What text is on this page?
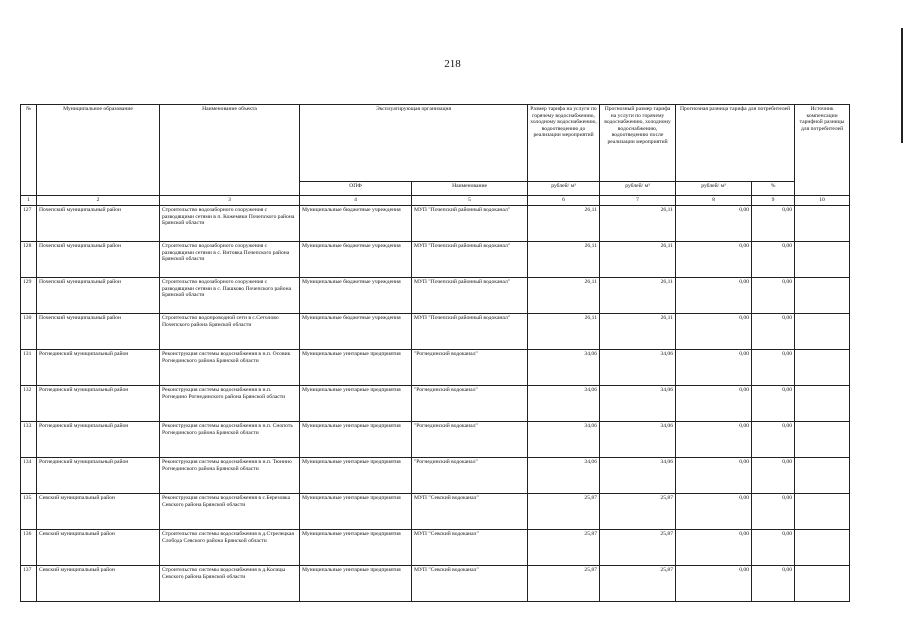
218
№	Муниципальное образование	Наименование объекта	Эксплуатирующая организация		Размер тарифа на услуги по горячему водоснабжению, холодному водоснабжению, водоотведению до реализации мероприятий	Прогнозный размер тарифа на услуги по горячему водоснабжению, холодному водоснабжению, водоотведению после реализации мероприятий	Прогнозная разница тарифа для потребителей		Источник компенсации тарифной разницы для потребителей
			ОПФ	Наименование	рублей/ м³	рублей/ м³	рублей/ м³	%	
1	2	3	4	5	6	7	8	9	10
127	Почепский муниципальный район	Строительство водозаборного сооружения с разводящими сетями в п. Кожемяки Почепского района Брянской области	Муниципальные бюджетные учреждения	МУП "Почепский районный водоканал"	26,11	26,11	0,00	0,00	
128	Почепский муниципальный район	Строительство водозаборного сооружения с разводящими сетями в с. Витовка Почепского района Брянской области	Муниципальные бюджетные учреждения	МУП "Почепский районный водоканал"	26,11	26,11	0,00	0,00	
129	Почепский муниципальный район	Строительство водозаборного сооружения с разводящими сетями в с. Пашково Почепского района Брянской области	Муниципальные бюджетные учреждения	МУП "Почепский районный водоканал"	26,11	26,11	0,00	0,00	
130	Почепский муниципальный район	Строительство водопроводной сети в с.Сетолово Почепского района Брянской области	Муниципальные бюджетные учреждения	МУП "Почепский районный водоканал"	26,11	26,11	0,00	0,00	
131	Рогнединский муниципальный район	Реконструкция системы водоснабжения в н.п. Осовик Рогнединского района Брянской области	Муниципальные унитарные предприятия	"Рогнединский водоканал"	34,06	34,06	0,00	0,00	
132	Рогнединский муниципальный район	Реконструкция системы водоснабжения в н.п. Рогнедино Рогнединского района Брянской области	Муниципальные унитарные предприятия	"Рогнединский водоканал"	34,06	34,06	0,00	0,00	
133	Рогнединский муниципальный район	Реконструкция системы водоснабжения в н.п. Снопоть Рогнединского района Брянской области	Муниципальные унитарные предприятия	"Рогнединский водоканал"	34,06	34,06	0,00	0,00	
134	Рогнединский муниципальный район	Реконструкция системы водоснабжения в н.п. Тюнино Рогнединского района Брянской области	Муниципальные унитарные предприятия	"Рогнединский водоканал"	34,06	34,06	0,00	0,00	
135	Севский муниципальный район	Реконструкция системы водоснабжения в с.Березовка Севского района Брянской области	Муниципальные унитарные предприятия	МУП "Севский водоканал"	25,87	25,87	0,00	0,00	
136	Севский муниципальный район	Строительство системы водоснабжения в д.Стрелецкая Слобода Севского района Брянской области	Муниципальные унитарные предприятия	МУП "Севский водоканал"	25,87	25,87	0,00	0,00	
137	Севский муниципальный район	Строительство системы водоснабжения в д.Косицы Севского района Брянской области	Муниципальные унитарные предприятия	МУП "Севский водоканал"	25,87	25,87	0,00	0,00	
